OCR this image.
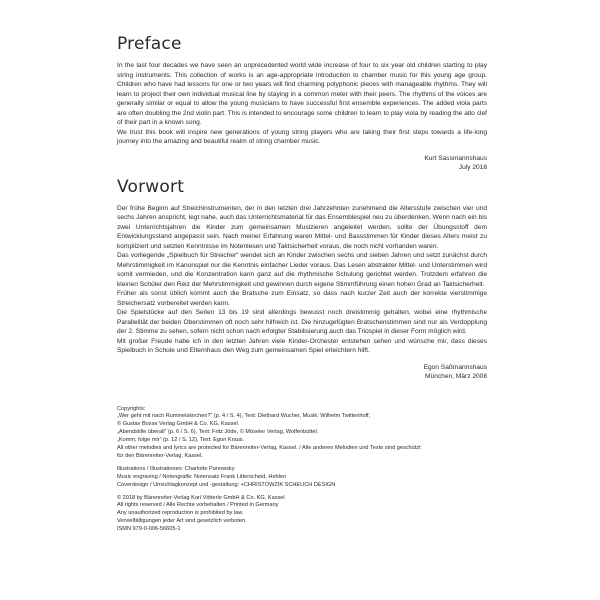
Preface

In the last four decades we have seen an unprecedented world wide increase of four to six year old children starting to play string instruments. This collection of works is an age-appropriate introduction to chamber music for this young age group. Children who have had lessons for one or two years will find charming polyphonic pieces with manageable rhythms. They will learn to project their own individual musical line by staying in a common meter with their peers. The rhythms of the voices are generally similar or equal to allow the young musicians to have successful first ensemble experiences. The added viola parts are often doubling the 2nd violin part. This is intended to encourage some children to learn to play viola by reading the alto clef of their part in a known song.

We trust this book will inspire new generations of young string players who are taking their first steps towards a life-long journey into the amazing and beautiful realm of string chamber music.

Kurt Sassmannshaus
July 2018
Vorwort

Der frühe Beginn auf Streichinstrumenten, der in den letzten drei Jahrzehnten zunehmend die Altersstufe zwischen vier und sechs Jahren anspricht, legt nahe, auch das Unterrichtsmaterial für das Ensemblespiel neu zu überdenken. Wenn nach ein bis zwei Unterrichtsjahren die Kinder zum gemeinsamen Musizieren angeleitet werden, sollte der Übungsstoff dem Entwicklungsstand angepasst sein. Nach meiner Erfahrung waren Mittel- und Bassstimmen für Kinder dieses Alters meist zu kompliziert und setzten Kenntnisse im Notenlesen und Taktsicherheit voraus, die noch nicht vorhanden waren.

Das vorliegende „Spielbuch für Streicher“ wendet sich an Kinder zwischen sechs und sieben Jahren und setzt zunächst durch Mehrstimmigkeit im Kanonspiel nur die Kenntnis einfacher Lieder voraus. Das Lesen abstrakter Mittel- und Unterstimmen wird somit vermieden, und die Konzentration kann ganz auf die rhythmische Schulung gerichtet werden. Trotzdem erfahren die kleinen Schüler den Reiz der Mehrstimmigkeit und gewinnen durch eigene Stimmführung einen hohen Grad an Taktsicherheit.

Früher als sonst üblich kommt auch die Bratsche zum Einsatz, so dass nach kurzer Zeit auch der korrekte vierstimmige Streichersatz vorbereitet werden kann.

Die Spielstücke auf den Seiten 13 bis 19 sind allerdings bewusst noch dreistimmig gehalten, wobei eine rhythmische Parallelität der beiden Oberstimmen oft noch sehr hilfreich ist. Die hinzugefügten Bratschenstimmen sind nur als Verdopplung der 2. Stimme zu sehen, sofern nicht schon nach erfolgter Stabilisierung auch das Triospiel in dieser Form möglich wird.

Mit großer Freude habe ich in den letzten Jahren viele Kinder-Orchester entstehen sehen und wünsche mir, dass dieses Spielbuch in Schule und Elternhaus den Weg zum gemeinsamen Spiel erleichtern hilft.

Egon Saßmannshaus
München, März 2008
Copyrights:
„Wer geht mit nach Rummelskirchen?“ (p. 4 / S. 4), Text: Diethard Wucher, Musik: Wilhelm Twittenhoff,
© Gustav Bosse Verlag GmbH & Co. KG, Kassel.
„Abendstille überall“ (p. 6 / S. 6), Text: Fritz Jöde, © Möseler Verlag, Wolfenbüttel.
„Komm, folge mir“ (p. 12 / S. 12), Text: Egon Kraus.
All other melodies and lyrics are protected for Bärenreiter-Verlag, Kassel. / Alle anderen Melodien und Texte sind geschützt
für den Bärenreiter-Verlag, Kassel.
Illustrations / Illustrationen: Charlotte Panowsky
Music engraving / Notengrafik: Notensatz Frank Litterscheid, Hehlen
Coverdesign / Umschlagkonzept und -gestaltung: +CHRISTOWZIK SCHEUCH DESIGN
© 2018 by Bärenreiter-Verlag Karl Vötterle GmbH & Co. KG, Kassel
All rights reserved / Alle Rechte vorbehalten / Printed in Germany
Any unauthorized reproduction is prohibited by law.
Vervielfältigungen jeder Art sind gesetzlich verboten.
ISMN 979-0-006-56605-1
